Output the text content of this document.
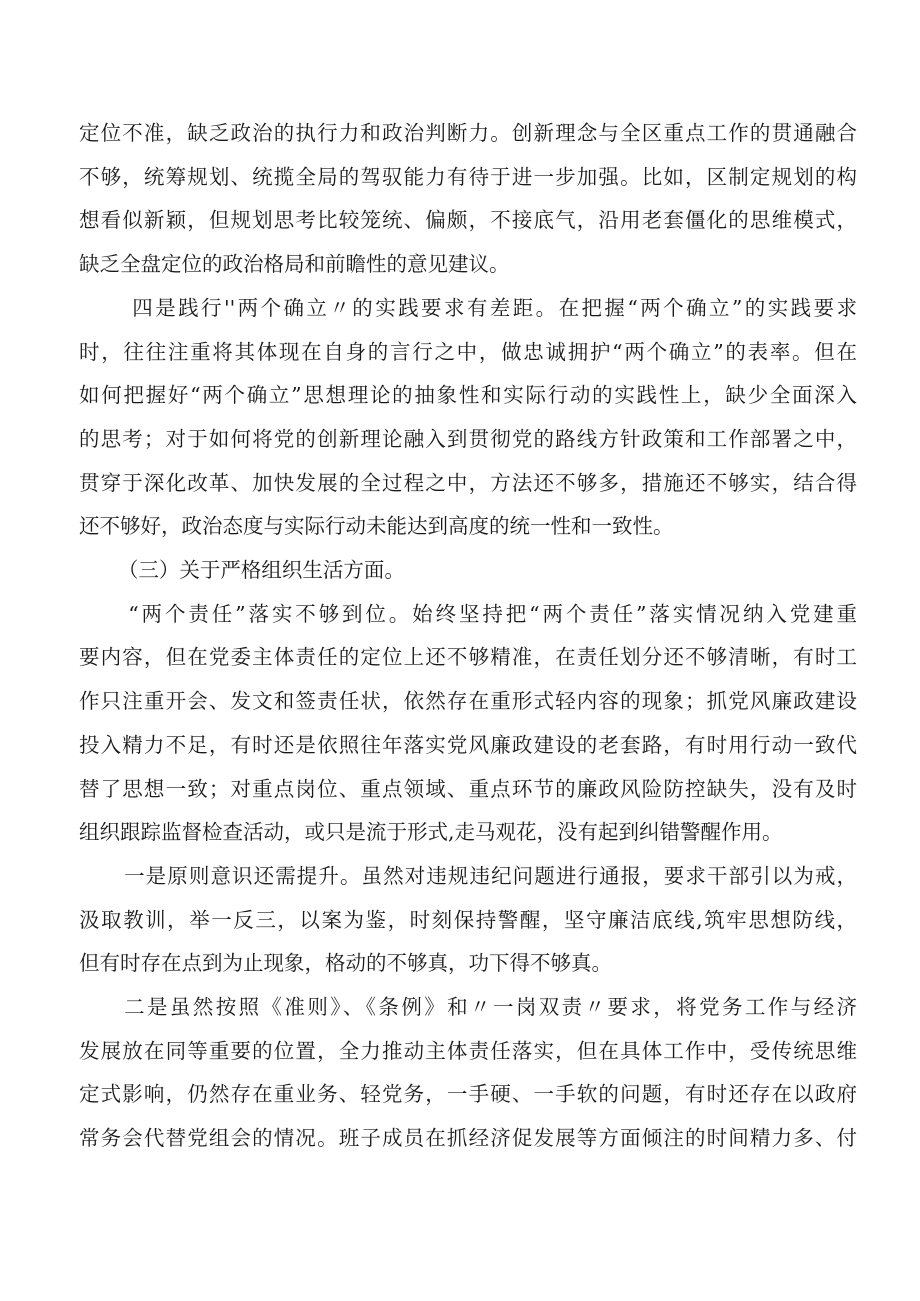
定位不准，缺乏政治的执行力和政治判断力。创新理念与全区重点工作的贯通融合
不够，统筹规划、统揽全局的驾驭能力有待于进一步加强。比如，区制定规划的构
想看似新颖，但规划思考比较笼统、偏颇，不接底气，沿用老套僵化的思维模式，
缺乏全盘定位的政治格局和前瞻性的意见建议。

四是践行''两个确立〃的实践要求有差距。在把握“两个确立”的实践要求
时，往往注重将其体现在自身的言行之中，做忠诚拥护“两个确立”的表率。但在
如何把握好“两个确立”思想理论的抽象性和实际行动的实践性上，缺少全面深入
的思考；对于如何将党的创新理论融入到贯彻党的路线方针政策和工作部署之中，
贯穿于深化改革、加快发展的全过程之中，方法还不够多，措施还不够实，结合得
还不够好，政治态度与实际行动未能达到高度的统一性和一致性。

（三）关于严格组织生活方面。

“两个责任”落实不够到位。始终坚持把“两个责任”落实情况纳入党建重
要内容，但在党委主体责任的定位上还不够精准，在责任划分还不够清晰，有时工
作只注重开会、发文和签责任状，依然存在重形式轻内容的现象；抓党风廉政建设
投入精力不足，有时还是依照往年落实党风廉政建设的老套路，有时用行动一致代
替了思想一致；对重点岗位、重点领域、重点环节的廉政风险防控缺失，没有及时
组织跟踪监督检查活动，或只是流于形式,走马观花，没有起到纠错警醒作用。

一是原则意识还需提升。虽然对违规违纪问题进行通报，要求干部引以为戒，
汲取教训，举一反三，以案为鉴，时刻保持警醒，坚守廉洁底线,筑牢思想防线，
但有时存在点到为止现象，格动的不够真，功下得不够真。

二是虽然按照《准则》、《条例》和〃一岗双责〃要求，将党务工作与经济
发展放在同等重要的位置，全力推动主体责任落实，但在具体工作中，受传统思维
定式影响，仍然存在重业务、轻党务，一手硬、一手软的问题，有时还存在以政府
常务会代替党组会的情况。班子成员在抓经济促发展等方面倾注的时间精力多、付
